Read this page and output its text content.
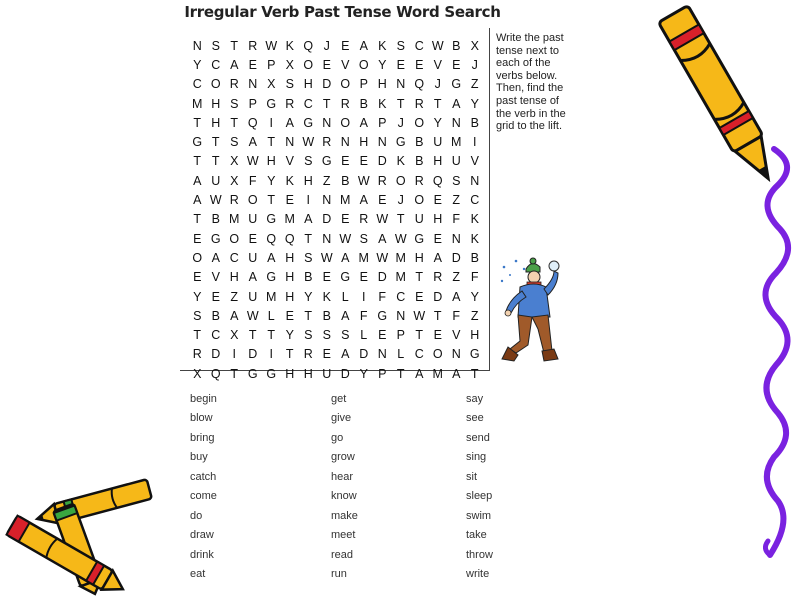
Irregular Verb Past Tense Word Search
N S T R W K Q J E A K S C W B X
Y C A E P X O E V O Y E E V E J
C O R N X S H D O P H N Q J G Z
M H S P G R C T R B K T R T A Y
T H T Q I	A G N O A P J O Y N B
G T S A T N W R N H N G B U M I
T T X W H V S G E E D K B H U V
A U X F Y K H Z B W R O R Q S N
A W R O T E	I N M A E J O E Z C
T B M U G M A D E R W T U H F K
E G O E Q Q T N W S A W G E N K
O A C U A H S W A M W M H A D B
E V H A G H B E G E D M T R Z F
Y E Z U M H Y K L	I	F C E D A Y
S B A W L E T B A F G N W T F Z
T C X T T Y S S S L E P T E V H
R D I D I	T R E A D N L C O N G
X Q T G G H H U D Y P T A M A T
Write the past tense next to each of the verbs below. Then, find the past tense of the verb in the grid to the lift.
begin
blow
bring
buy
catch
come
do
draw
drink
eat
get
give
go
grow
hear
know
make
meet
read
run
say
see
send
sing
sit
sleep
swim
take
throw
write
